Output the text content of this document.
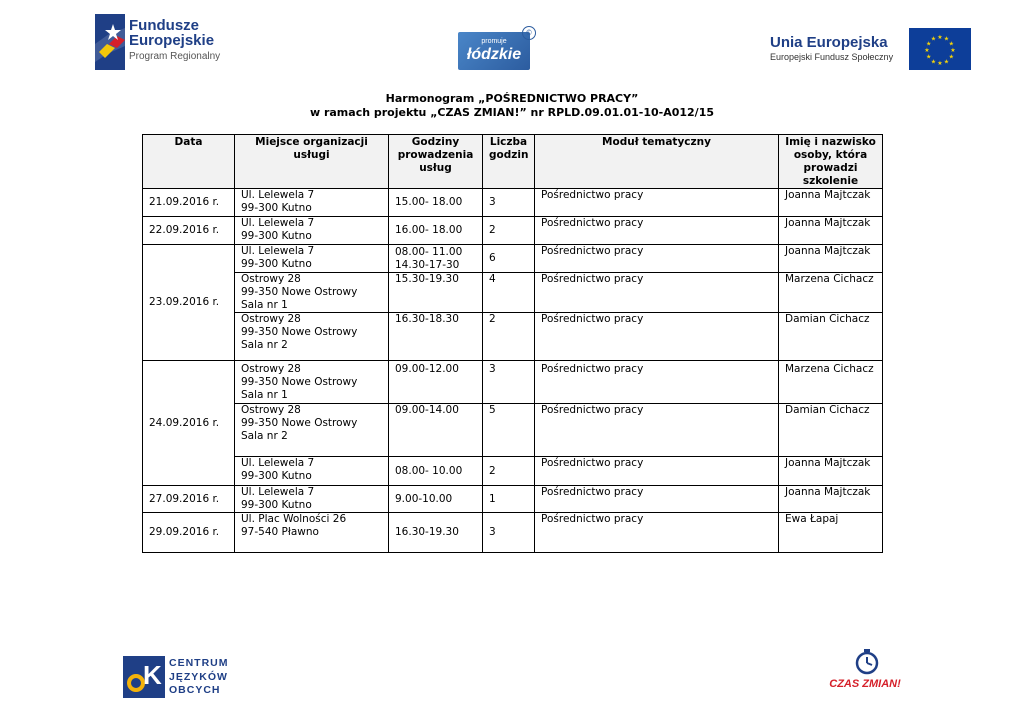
Fundusze
Europejskie
Program Regionalny
promuje
łódzkie
©
Unia Europejska
Europejski Fundusz Społeczny
★ ★
★
★
★
★
★
★
★
★
★
★
Harmonogram „POŚREDNICTWO PRACY”
w ramach projektu „CZAS ZMIAN!” nr RPLD.09.01.01-10-A012/15
Data	Miejsce organizacji usługi	Godziny prowadzenia usług	Liczba godzin	Moduł tematyczny	Imię i nazwisko osoby, która prowadzi szkolenie
21.09.2016 r.	Ul. Lelewela 7
99-300 Kutno	15.00- 18.00	3	Pośrednictwo pracy	Joanna Majtczak
22.09.2016 r.	Ul. Lelewela 7
99-300 Kutno	16.00- 18.00	2	Pośrednictwo pracy	Joanna Majtczak
23.09.2016 r.	Ul. Lelewela 7
99-300 Kutno	08.00- 11.00
14.30-17-30	6	Pośrednictwo pracy	Joanna Majtczak
	Ostrowy 28
99-350 Nowe Ostrowy
Sala nr 1	15.30-19.30	4	Pośrednictwo pracy	Marzena Cichacz
	Ostrowy 28
99-350 Nowe Ostrowy
Sala nr 2	16.30-18.30	2	Pośrednictwo pracy	Damian Cichacz
24.09.2016 r.	Ostrowy 28
99-350 Nowe Ostrowy
Sala nr 1	09.00-12.00	3	Pośrednictwo pracy	Marzena Cichacz
	Ostrowy 28
99-350 Nowe Ostrowy
Sala nr 2	09.00-14.00	5	Pośrednictwo pracy	Damian Cichacz
	Ul. Lelewela 7
99-300 Kutno	08.00- 10.00	2	Pośrednictwo pracy	Joanna Majtczak
27.09.2016 r.	Ul. Lelewela 7
99-300 Kutno	9.00-10.00	1	Pośrednictwo pracy	Joanna Majtczak
29.09.2016 r.	Ul. Plac Wolności 26
97-540 Pławno	16.30-19.30	3	Pośrednictwo pracy	Ewa Łapaj
K CENTRUM
JĘZYKÓW
OBCYCH	CZAS ZMIAN!
